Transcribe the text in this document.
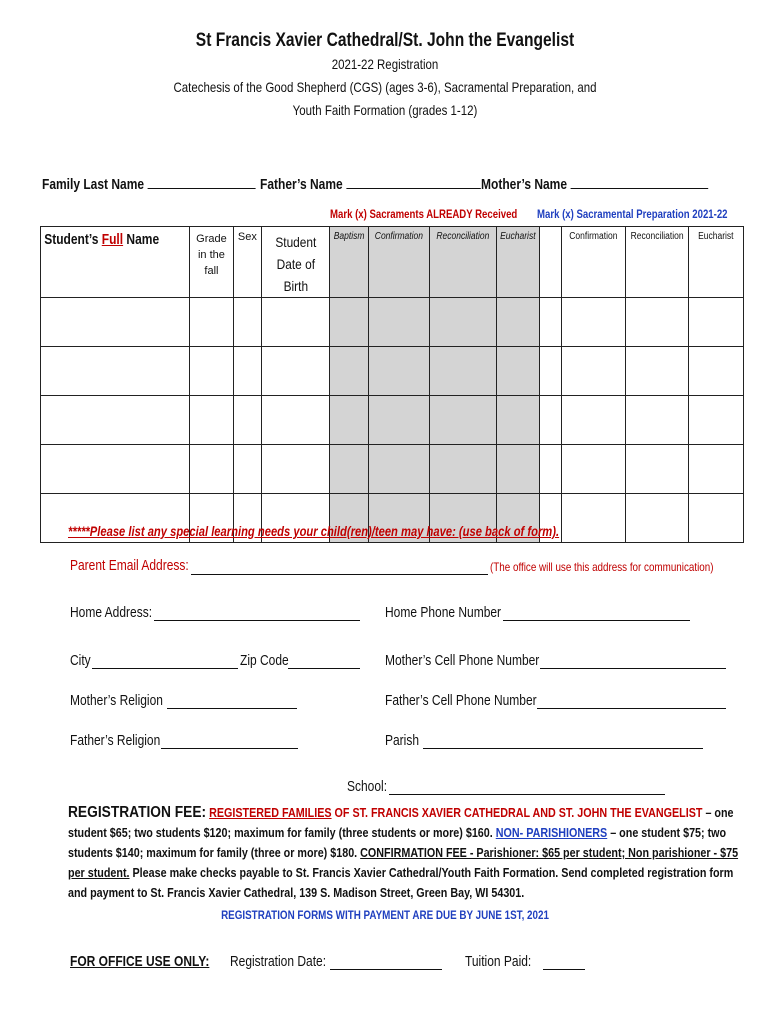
St Francis Xavier Cathedral/St. John the Evangelist
2021-22 Registration
Catechesis of the Good Shepherd (CGS) (ages 3-6), Sacramental Preparation, and
Youth Faith Formation (grades 1-12)
Family Last Name	Father’s Name	Mother’s Name
Mark (x) Sacraments ALREADY Received Mark (x) Sacramental Preparation 2021-22
Student’s Full Name	Grade in the fall	Sex	Student Date of Birth	Baptism	Confirmation	Reconciliation	Eucharist		Confirmation	Reconciliation	Eucharist

*****Please list any special learning needs your child(ren)/teen may have: (use back of form).
Parent Email Address:	(The office will use this address for communication)
Home Address:	Home Phone Number
City	Zip Code	Mother’s Cell Phone Number
Mother’s Religion	Father’s Cell Phone Number
Father’s Religion	Parish
School:
REGISTRATION FEE: REGISTERED FAMILIES OF ST. FRANCIS XAVIER CATHEDRAL AND ST. JOHN THE EVANGELIST – one student $65; two students $120; maximum for family (three students or more) $160. NON- PARISHIONERS – one student $75; two students $140; maximum for family (three or more) $180. CONFIRMATION FEE - Parishioner: $65 per student; Non parishioner - $75 per student. Please make checks payable to St. Francis Xavier Cathedral/Youth Faith Formation. Send completed registration form and payment to St. Francis Xavier Cathedral, 139 S. Madison Street, Green Bay, WI 54301.
REGISTRATION FORMS WITH PAYMENT ARE DUE BY JUNE 1ST, 2021
FOR OFFICE USE ONLY: Registration Date:	Tuition Paid:
